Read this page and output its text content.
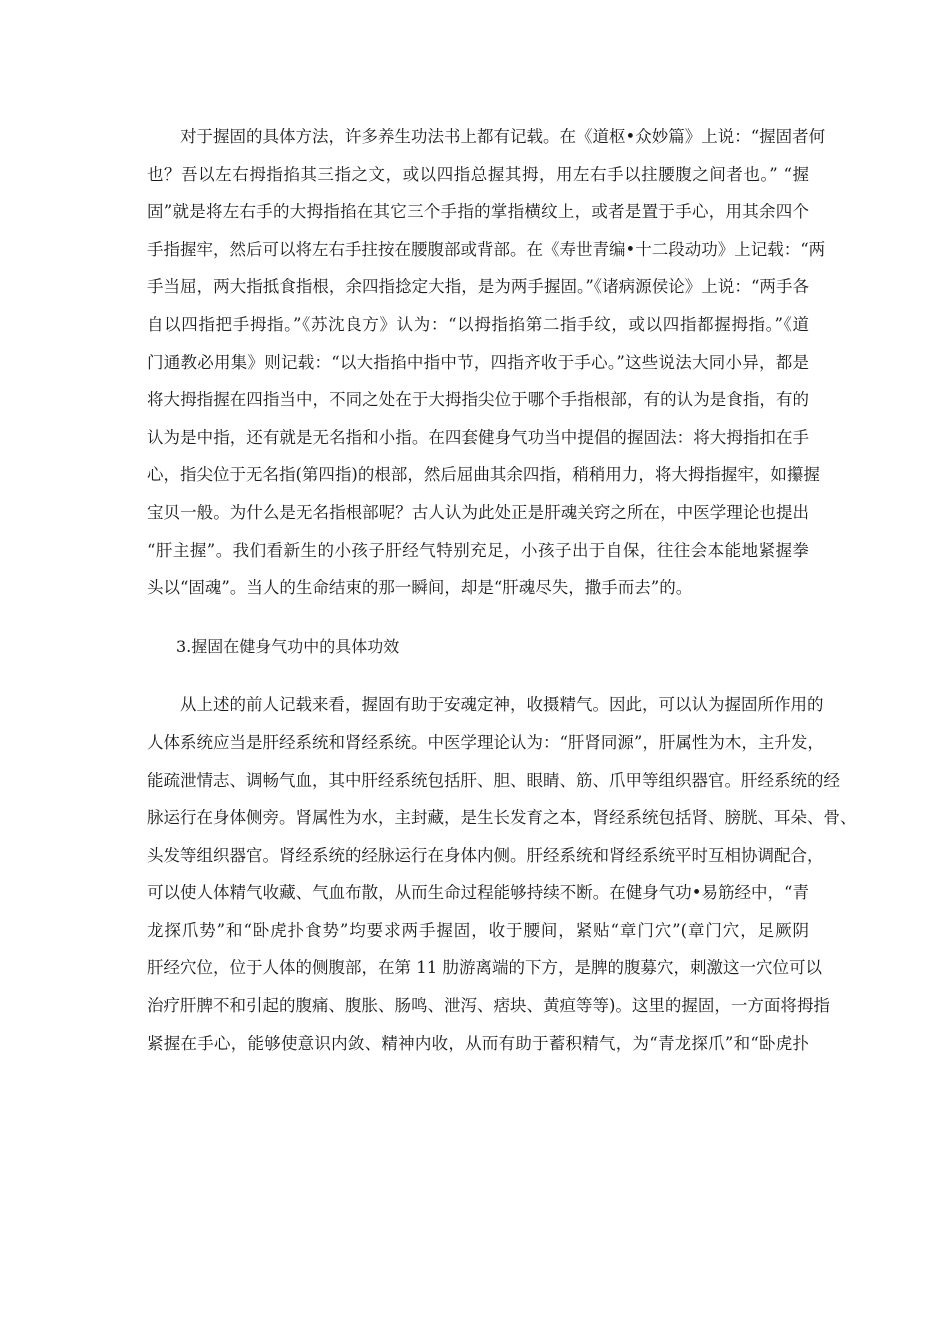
对于握固的具体方法，许多养生功法书上都有记载。在《道枢•众妙篇》上说：“握固者何
也？吾以左右拇指掐其三指之文，或以四指总握其拇，用左右手以拄腰腹之间者也。” “握
固”就是将左右手的大拇指掐在其它三个手指的掌指横纹上，或者是置于手心，用其余四个
手指握牢，然后可以将左右手拄按在腰腹部或背部。在《寿世青编•十二段动功》上记载：“两
手当屈，两大指抵食指根，余四指捻定大指，是为两手握固。”《诸病源侯论》上说：“两手各
自以四指把手拇指。”《苏沈良方》认为：“以拇指掐第二指手纹，或以四指都握拇指。”《道
门通教必用集》则记载：“以大指掐中指中节，四指齐收于手心。”这些说法大同小异，都是
将大拇指握在四指当中，不同之处在于大拇指尖位于哪个手指根部，有的认为是食指，有的
认为是中指，还有就是无名指和小指。在四套健身气功当中提倡的握固法：将大拇指扣在手
心，指尖位于无名指(第四指)的根部，然后屈曲其余四指，稍稍用力，将大拇指握牢，如攥握
宝贝一般。为什么是无名指根部呢？古人认为此处正是肝魂关窍之所在，中医学理论也提出
“肝主握”。我们看新生的小孩子肝经气特别充足，小孩子出于自保，往往会本能地紧握拳
头以“固魂”。当人的生命结束的那一瞬间，却是“肝魂尽失，撒手而去”的。
3.握固在健身气功中的具体功效
从上述的前人记载来看，握固有助于安魂定神，收摄精气。因此，可以认为握固所作用的
人体系统应当是肝经系统和肾经系统。中医学理论认为：“肝肾同源”，肝属性为木，主升发，
能疏泄情志、调畅气血，其中肝经系统包括肝、胆、眼睛、筋、爪甲等组织器官。肝经系统的经
脉运行在身体侧旁。肾属性为水，主封藏，是生长发育之本，肾经系统包括肾、膀胱、耳朵、骨、
头发等组织器官。肾经系统的经脉运行在身体内侧。肝经系统和肾经系统平时互相协调配合，
可以使人体精气收藏、气血布散，从而生命过程能够持续不断。在健身气功•易筋经中，“青
龙探爪势”和“卧虎扑食势”均要求两手握固，收于腰间，紧贴“章门穴”(章门穴，足厥阴
肝经穴位，位于人体的侧腹部，在第 11 肋游离端的下方，是脾的腹募穴，刺激这一穴位可以
治疗肝脾不和引起的腹痛、腹胀、肠鸣、泄泻、痞块、黄疸等等)。这里的握固，一方面将拇指
紧握在手心，能够使意识内敛、精神内收，从而有助于蓄积精气，为“青龙探爪”和“卧虎扑
